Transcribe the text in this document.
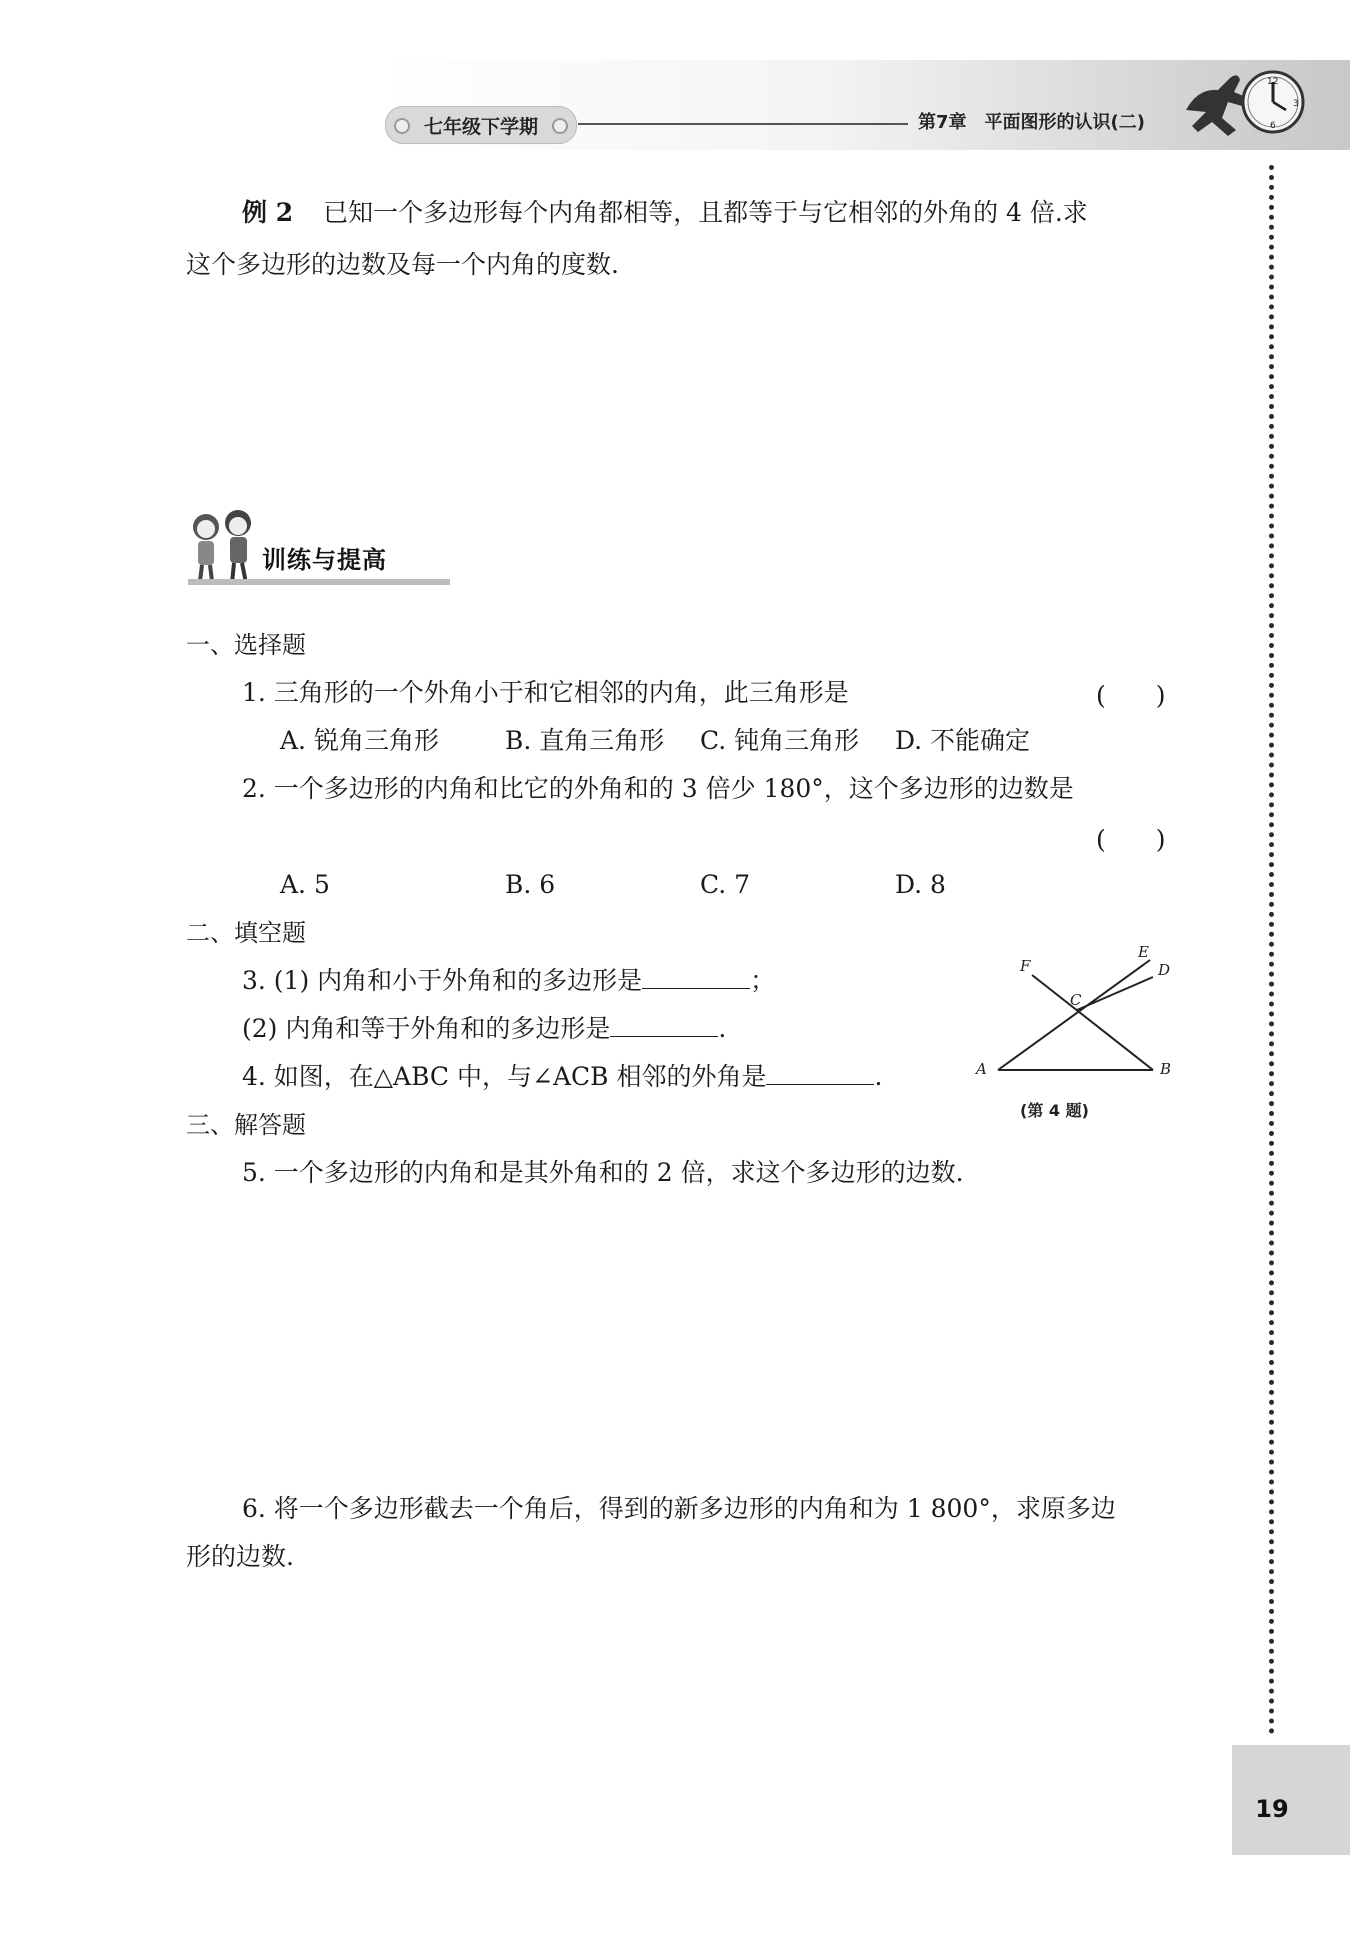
七年级下学期	第7章　平面图形的认识(二)
12
3
6
例 2 已知一个多边形每个内角都相等，且都等于与它相邻的外角的 4 倍.求
这个多边形的边数及每一个内角的度数.
训练与提高
一、选择题
1. 三角形的一个外角小于和它相邻的内角，此三角形是	(　　)
A. 锐角三角形	B. 直角三角形 C. 钝角三角形 D. 不能确定
2. 一个多边形的内角和比它的外角和的 3 倍少 180°，这个多边形的边数是
(　　)
A. 5	B. 6	C. 7	D. 8
二、填空题
3. (1) 内角和小于外角和的多边形是	；
(2) 内角和等于外角和的多边形是	.
4. 如图，在△ABC 中，与∠ACB 相邻的外角是	.	A	B
C
D
E
F
(第 4 题)
三、解答题
5. 一个多边形的内角和是其外角和的 2 倍，求这个多边形的边数.
6. 将一个多边形截去一个角后，得到的新多边形的内角和为 1 800°，求原多边
形的边数.
19
